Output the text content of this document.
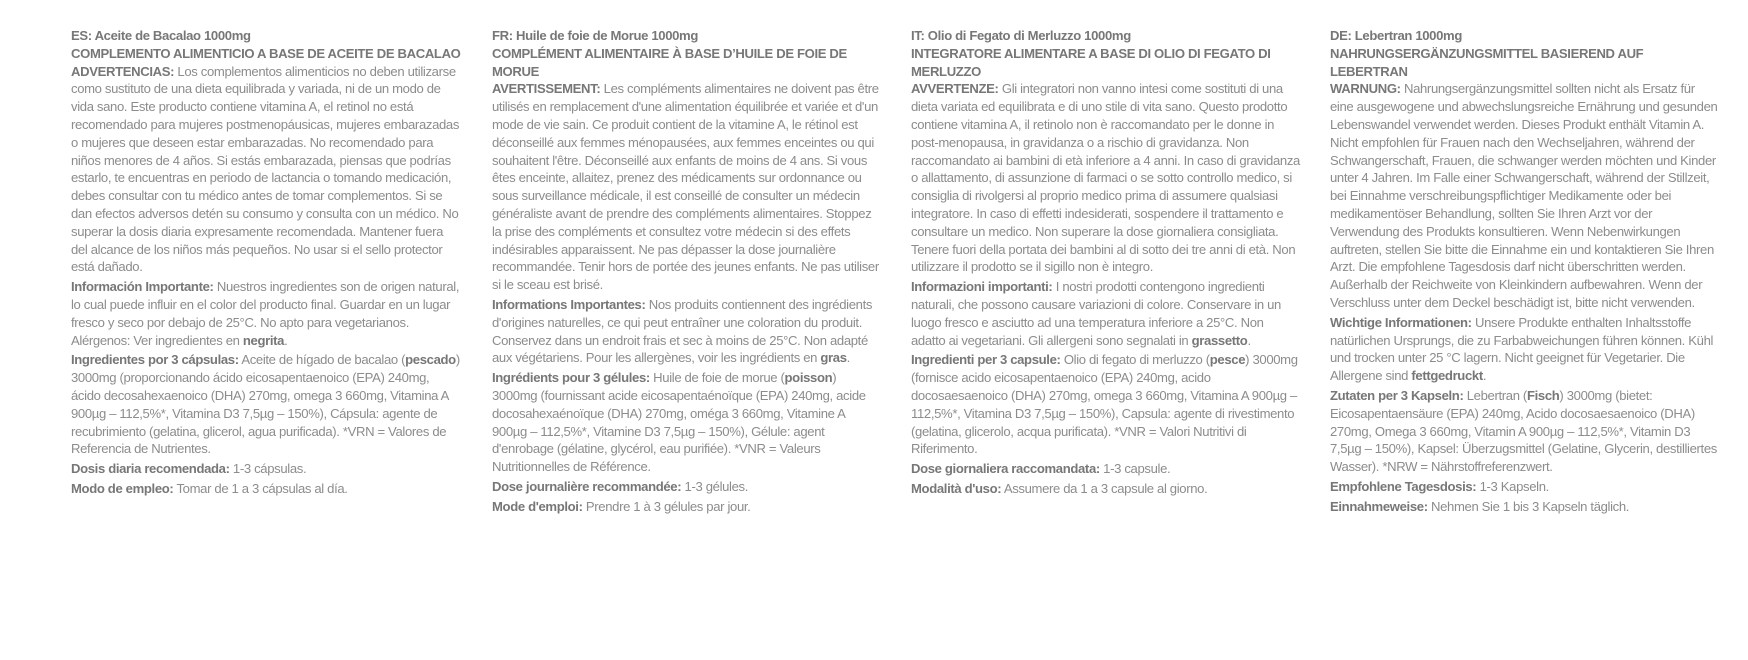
ES: Aceite de Bacalao 1000mg
COMPLEMENTO ALIMENTICIO A BASE DE ACEITE DE BACALAO

ADVERTENCIAS: Los complementos alimenticios no deben utilizarse como sustituto de una dieta equilibrada y variada, ni de un modo de vida sano. Este producto contiene vitamina A, el retinol no está recomendado para mujeres postmenopáusicas, mujeres embarazadas o mujeres que deseen estar embarazadas. No recomendado para niños menores de 4 años. Si estás embarazada, piensas que podrías estarlo, te encuentras en periodo de lactancia o tomando medicación, debes consultar con tu médico antes de tomar complementos. Si se dan efectos adversos detén su consumo y consulta con un médico. No superar la dosis diaria expresamente recomendada. Mantener fuera del alcance de los niños más pequeños. No usar si el sello protector está dañado.

Información Importante: Nuestros ingredientes son de origen natural, lo cual puede influir en el color del producto final. Guardar en un lugar fresco y seco por debajo de 25°C. No apto para vegetarianos. Alérgenos: Ver ingredientes en negrita.

Ingredientes por 3 cápsulas: Aceite de hígado de bacalao (pescado) 3000mg (proporcionando ácido eicosapentaenoico (EPA) 240mg, ácido decosahexaenoico (DHA) 270mg, omega 3 660mg, Vitamina A 900µg – 112,5%*, Vitamina D3 7,5µg – 150%), Cápsula: agente de recubrimiento (gelatina, glicerol, agua purificada). *VRN = Valores de Referencia de Nutrientes.

Dosis diaria recomendada: 1-3 cápsulas.

Modo de empleo: Tomar de 1 a 3 cápsulas al día.

FR: Huile de foie de Morue 1000mg
COMPLÉMENT ALIMENTAIRE À BASE D’HUILE DE FOIE DE MORUE

AVERTISSEMENT: Les compléments alimentaires ne doivent pas être utilisés en remplacement d'une alimentation équilibrée et variée et d'un mode de vie sain. Ce produit contient de la vitamine A, le rétinol est déconseillé aux femmes ménopausées, aux femmes enceintes ou qui souhaitent l'être. Déconseillé aux enfants de moins de 4 ans. Si vous êtes enceinte, allaitez, prenez des médicaments sur ordonnance ou sous surveillance médicale, il est conseillé de consulter un médecin généraliste avant de prendre des compléments alimentaires. Stoppez la prise des compléments et consultez votre médecin si des effets indésirables apparaissent. Ne pas dépasser la dose journalière recommandée. Tenir hors de portée des jeunes enfants. Ne pas utiliser si le sceau est brisé.

Informations Importantes: Nos produits contiennent des ingrédients d'origines naturelles, ce qui peut entraîner une coloration du produit. Conservez dans un endroit frais et sec à moins de 25°C. Non adapté aux végétariens. Pour les allergènes, voir les ingrédients en gras.

Ingrédients pour 3 gélules: Huile de foie de morue (poisson) 3000mg (fournissant acide eicosapentaénoïque (EPA) 240mg, acide docosahexaénoïque (DHA) 270mg, oméga 3 660mg, Vitamine A 900µg – 112,5%*, Vitamine D3 7,5µg – 150%), Gélule: agent d'enrobage (gélatine, glycérol, eau purifiée). *VNR = Valeurs Nutritionnelles de Référence.

Dose journalière recommandée: 1-3 gélules.

Mode d'emploi: Prendre 1 à 3 gélules par jour.

IT: Olio di Fegato di Merluzzo 1000mg
INTEGRATORE ALIMENTARE A BASE DI OLIO DI FEGATO DI MERLUZZO

AVVERTENZE: Gli integratori non vanno intesi come sostituti di una dieta variata ed equilibrata e di uno stile di vita sano. Questo prodotto contiene vitamina A, il retinolo non è raccomandato per le donne in post-menopausa, in gravidanza o a rischio di gravidanza. Non raccomandato ai bambini di età inferiore a 4 anni. In caso di gravidanza o allattamento, di assunzione di farmaci o se sotto controllo medico, si consiglia di rivolgersi al proprio medico prima di assumere qualsiasi integratore. In caso di effetti indesiderati, sospendere il trattamento e consultare un medico. Non superare la dose giornaliera consigliata. Tenere fuori della portata dei bambini al di sotto dei tre anni di età. Non utilizzare il prodotto se il sigillo non è integro.

Informazioni importanti: I nostri prodotti contengono ingredienti naturali, che possono causare variazioni di colore. Conservare in un luogo fresco e asciutto ad una temperatura inferiore a 25°C. Non adatto ai vegetariani. Gli allergeni sono segnalati in grassetto.

Ingredienti per 3 capsule: Olio di fegato di merluzzo (pesce) 3000mg (fornisce acido eicosapentaenoico (EPA) 240mg, acido docosaesaenoico (DHA) 270mg, omega 3 660mg, Vitamina A 900µg – 112,5%*, Vitamina D3 7,5µg – 150%), Capsula: agente di rivestimento (gelatina, glicerolo, acqua purificata). *VNR = Valori Nutritivi di Riferimento.

Dose giornaliera raccomandata: 1-3 capsule.

Modalità d'uso: Assumere da 1 a 3 capsule al giorno.

DE: Lebertran 1000mg
NAHRUNGSERGÄNZUNGSMITTEL BASIEREND AUF LEBERTRAN

WARNUNG: Nahrungsergänzungsmittel sollten nicht als Ersatz für eine ausgewogene und abwechslungsreiche Ernährung und gesunden Lebenswandel verwendet werden. Dieses Produkt enthält Vitamin A. Nicht empfohlen für Frauen nach den Wechseljahren, während der Schwangerschaft, Frauen, die schwanger werden möchten und Kinder unter 4 Jahren. Im Falle einer Schwangerschaft, während der Stillzeit, bei Einnahme verschreibungspflichtiger Medikamente oder bei medikamentöser Behandlung, sollten Sie Ihren Arzt vor der Verwendung des Produkts konsultieren. Wenn Nebenwirkungen auftreten, stellen Sie bitte die Einnahme ein und kontaktieren Sie Ihren Arzt. Die empfohlene Tagesdosis darf nicht überschritten werden. Außerhalb der Reichweite von Kleinkindern aufbewahren. Wenn der Verschluss unter dem Deckel beschädigt ist, bitte nicht verwenden.

Wichtige Informationen: Unsere Produkte enthalten Inhaltsstoffe natürlichen Ursprungs, die zu Farbabweichungen führen können. Kühl und trocken unter 25 °C lagern. Nicht geeignet für Vegetarier. Die Allergene sind fettgedruckt.

Zutaten per 3 Kapseln: Lebertran (Fisch) 3000mg (bietet: Eicosapentaensäure (EPA) 240mg, Acido docosaesaenoico (DHA) 270mg, Omega 3 660mg, Vitamin A 900µg – 112,5%*, Vitamin D3 7,5µg – 150%), Kapsel: Überzugsmittel (Gelatine, Glycerin, destilliertes Wasser). *NRW = Nährstoffreferenzwert.

Empfohlene Tagesdosis: 1-3 Kapseln.

Einnahmeweise: Nehmen Sie 1 bis 3 Kapseln täglich.
